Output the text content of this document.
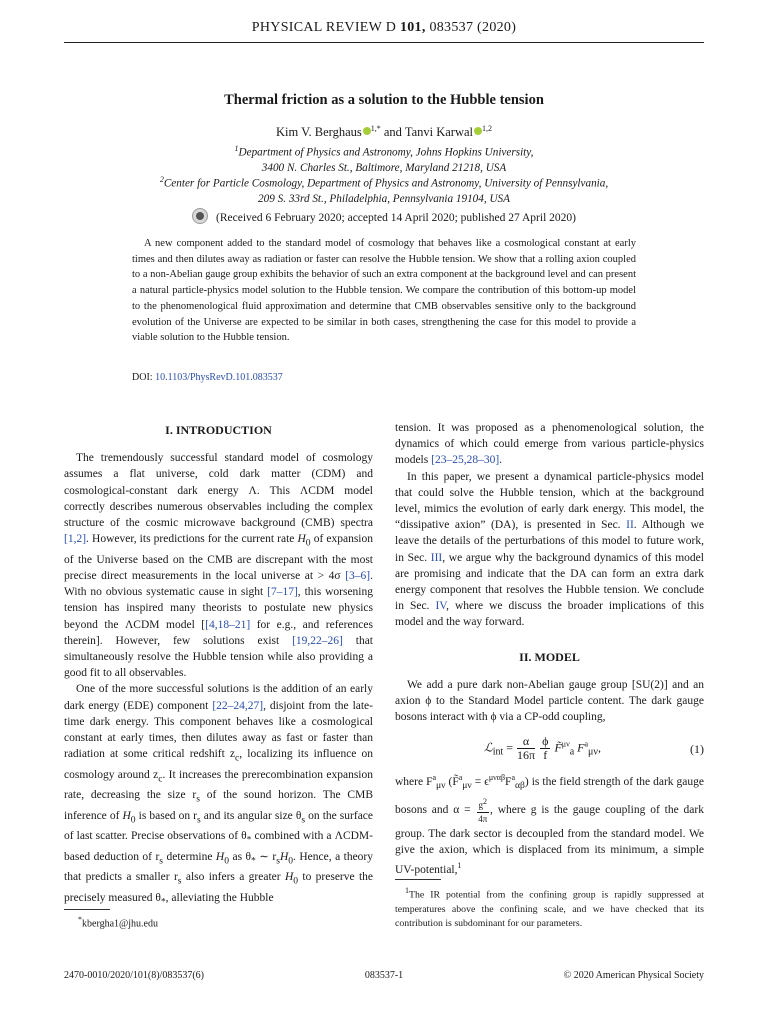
PHYSICAL REVIEW D 101, 083537 (2020)
Thermal friction as a solution to the Hubble tension
Kim V. Berghaus $^{1,*}$ and Tanvi Karwal $^{1,2}$
$^1$Department of Physics and Astronomy, Johns Hopkins University,
3400 N. Charles St., Baltimore, Maryland 21218, USA
$^2$Center for Particle Cosmology, Department of Physics and Astronomy, University of Pennsylvania,
209 S. 33rd St., Philadelphia, Pennsylvania 19104, USA
(Received 6 February 2020; accepted 14 April 2020; published 27 April 2020)
A new component added to the standard model of cosmology that behaves like a cosmological constant at early times and then dilutes away as radiation or faster can resolve the Hubble tension. We show that a rolling axion coupled to a non-Abelian gauge group exhibits the behavior of such an extra component at the background level and can present a natural particle-physics model solution to the Hubble tension. We compare the contribution of this bottom-up model to the phenomenological fluid approximation and determine that CMB observables sensitive only to the background evolution of the Universe are expected to be similar in both cases, strengthening the case for this model to provide a viable solution to the Hubble tension.
DOI: 10.1103/PhysRevD.101.083537
I. INTRODUCTION

The tremendously successful standard model of cosmology assumes a flat universe, cold dark matter (CDM) and cosmological-constant dark energy Λ. This ΛCDM model correctly describes numerous observables including the complex structure of the cosmic microwave background (CMB) spectra [1,2]. However, its predictions for the current rate $H_0$ of expansion of the Universe based on the CMB are discrepant with the most precise direct measurements in the local universe at > 4σ [3–6]. With no obvious systematic cause in sight [7–17], this worsening tension has inspired many theorists to postulate new physics beyond the ΛCDM model [[4,18–21] for e.g., and references therein]. However, few solutions exist [19,22–26] that simultaneously resolve the Hubble tension while also providing a good fit to all observables.

One of the more successful solutions is the addition of an early dark energy (EDE) component [22–24,27], disjoint from the late-time dark energy. This component behaves like a cosmological constant at early times, then dilutes away as fast or faster than radiation at some critical redshift $z_c$, localizing its influence on cosmology around $z_c$. It increases the prerecombination expansion rate, decreasing the size $r_s$ of the sound horizon. The CMB inference of $H_0$ is based on $r_s$ and its angular size $\theta_s$ on the surface of last scatter. Precise observations of $\theta_*$ combined with a ΛCDM-based deduction of $r_s$ determine $H_0$ as $\theta_*$ ∼ $r_sH_0$. Hence, a theory that predicts a smaller $r_s$ also infers a greater $H_0$ to preserve the precisely measured $\theta_*$, alleviating the Hubble

tension. It was proposed as a phenomenological solution, the dynamics of which could emerge from various particle-physics models [23–25,28–30].

In this paper, we present a dynamical particle-physics model that could solve the Hubble tension, which at the background level, mimics the evolution of early dark energy. This model, the “dissipative axion” (DA), is presented in Sec. II. Although we leave the details of the perturbations of this model to future work, in Sec. III, we argue why the background dynamics of this model are promising and indicate that the DA can form an extra dark energy component that resolves the Hubble tension. We conclude in Sec. IV, where we discuss the broader implications of this model and the way forward.

II. MODEL

We add a pure dark non-Abelian gauge group [SU(2)] and an axion ϕ to the Standard Model particle content. The dark gauge bosons interact with ϕ via a CP-odd coupling,

ℒ$_{int}$ = $\frac{\alpha}{16\pi}$
$\frac{\phi}{f}$ F̃$^{\mu\nu}_a$ $F^a_{\mu\nu}$,	(1)

where $F^a_{\mu\nu}$ (F̃$^a_{\mu\nu}$ = $\epsilon^{\mu\nu\alpha\beta}F^a_{\alpha\beta}$) is the field strength of the dark gauge bosons and $\alpha = \frac{g^2}{4\pi}$ , where g is the gauge coupling of the dark group. The dark sector is decoupled from the standard model. We give the axion, which is displaced from its minimum, a simple UV-potential,$^1$

*kbergha1@jhu.edu
$^1$The IR potential from the confining group is rapidly suppressed at temperatures above the confining scale, and we have checked that its contribution is subdominant for our parameters.
2470-0010/2020/101(8)/083537(6)	083537-1	© 2020 American Physical Society
